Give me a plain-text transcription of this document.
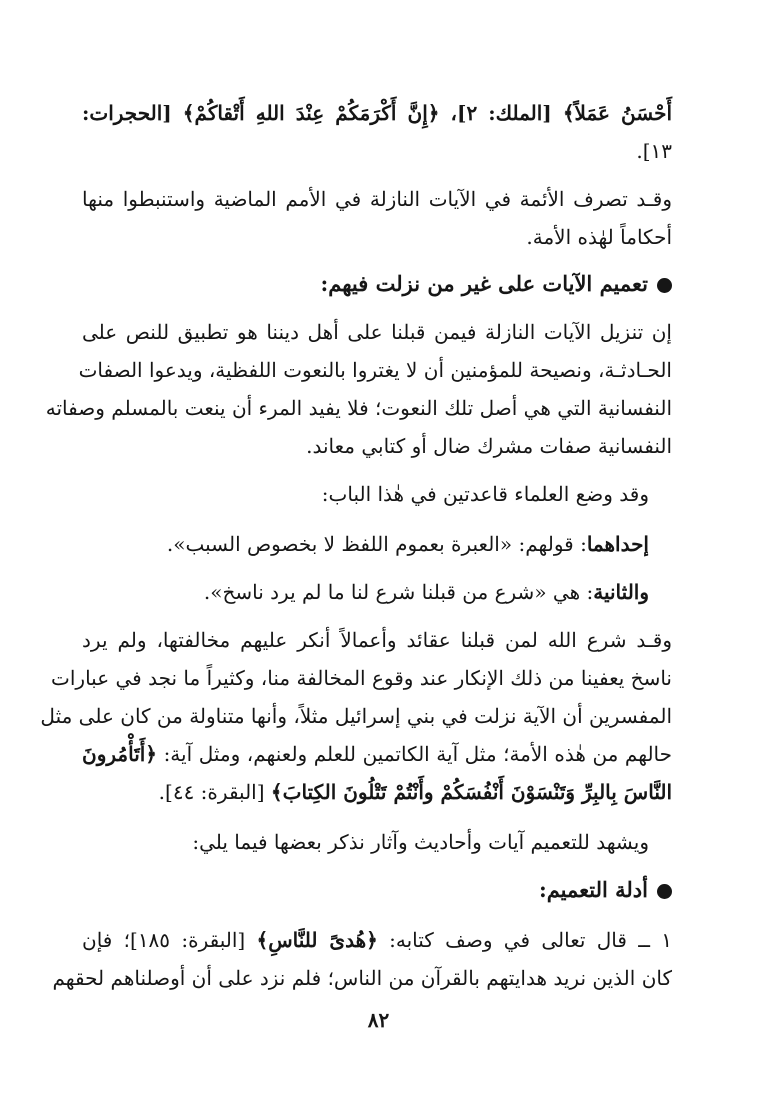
أَحْسَنُ عَمَلاً﴾ [الملك: ٢]، ﴿إِنَّ أَكْرَمَكُمْ عِنْدَ اللهِ أَتْقاكُمْ﴾ [الحجرات:
١٣].
وقـد تصرف الأئمة في الآيات النازلة في الأمم الماضية واستنبطوا منها
أحكاماً لهٰذه الأمة.
تعميم الآيات على غير من نزلت فيهم:
إن تنزيل الآيات النازلة فيمن قبلنا على أهل ديننا هو تطبيق للنص على
الحـادثـة، ونصيحة للمؤمنين أن لا يغتروا بالنعوت اللفظية، ويدعوا الصفات
النفسانية التي هي أصل تلك النعوت؛ فلا يفيد المرء أن ينعت بالمسلم وصفاته
النفسانية صفات مشرك ضال أو كتابي معاند.
وقد وضع العلماء قاعدتين في هٰذا الباب:
إحداهما: قولهم: «العبرة بعموم اللفظ لا بخصوص السبب».
والثانية: هي «شرع من قبلنا شرع لنا ما لم يرد ناسخ».
وقـد شرع الله لمن قبلنا عقائد وأعمالاً أنكر عليهم مخالفتها، ولم يرد
ناسخ يعفينا من ذلك الإنكار عند وقوع المخالفة منا، وكثيراً ما نجد في عبارات
المفسرين أن الآية نزلت في بني إسرائيل مثلاً، وأنها متناولة من كان على مثل
حالهم من هٰذه الأمة؛ مثل آية الكاتمين للعلم ولعنهم، ومثل آية: ﴿أَتَأْمُرونَ
النَّاسَ بِالبِرِّ وَتَنْسَوْنَ أَنْفُسَكُمْ وأَنْتُمْ تَتْلُونَ الكِتابَ﴾ [البقرة: ٤٤].
ويشهد للتعميم آيات وأحاديث وآثار نذكر بعضها فيما يلي:
أدلة التعميم:
١ ــ قال تعالى في وصف كتابه: ﴿هُدىً للنَّاسِ﴾ [البقرة: ١٨٥]؛ فإن
كان الذين نريد هدايتهم بالقرآن من الناس؛ فلم نزد على أن أوصلناهم لحقهم
٨٢
